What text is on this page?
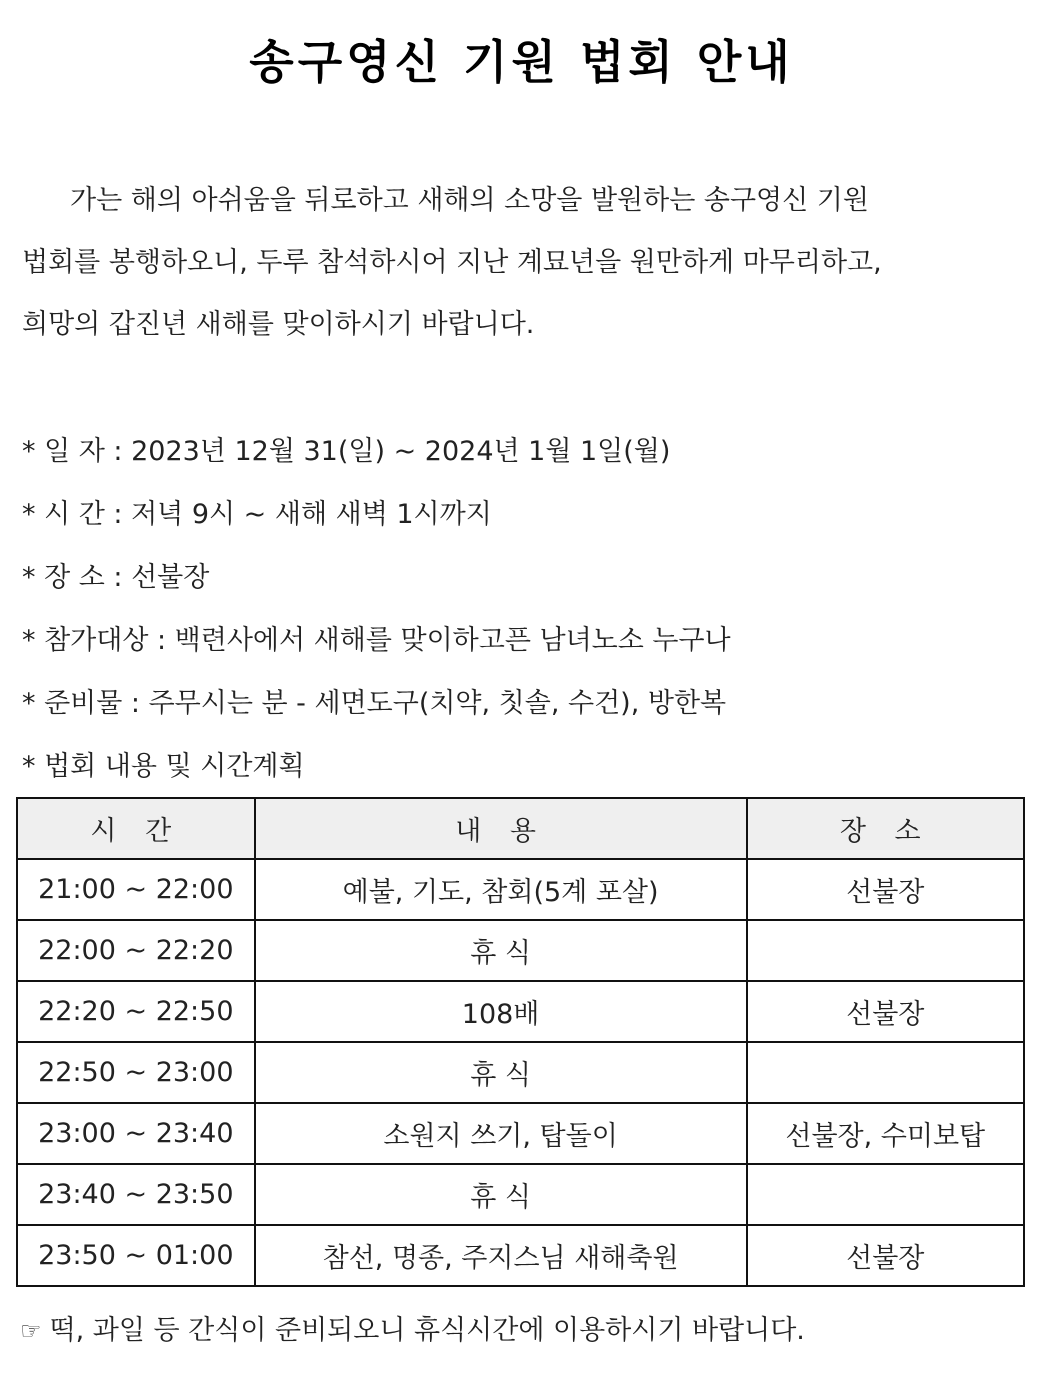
송구영신 기원 법회 안내
가는 해의 아쉬움을 뒤로하고 새해의 소망을 발원하는 송구영신 기원
법회를 봉행하오니, 두루 참석하시어 지난 계묘년을 원만하게 마무리하고,
희망의 갑진년 새해를 맞이하시기 바랍니다.
* 일 자 : 2023년 12월 31(일) ~ 2024년 1월 1일(월)
* 시 간 : 저녁 9시 ~ 새해 새벽 1시까지
* 장 소 : 선불장
* 참가대상 : 백련사에서 새해를 맞이하고픈 남녀노소 누구나
* 준비물 : 주무시는 분 - 세면도구(치약, 칫솔, 수건), 방한복
* 법회 내용 및 시간계획
시 간	내 용	장 소
21:00 ~ 22:00	예불, 기도, 참회(5계 포살)	선불장
22:00 ~ 22:20	휴 식	
22:20 ~ 22:50	108배	선불장
22:50 ~ 23:00	휴 식	
23:00 ~ 23:40	소원지 쓰기, 탑돌이	선불장, 수미보탑
23:40 ~ 23:50	휴 식	
23:50 ~ 01:00	참선, 명종, 주지스님 새해축원	선불장
☞ 떡, 과일 등 간식이 준비되오니 휴식시간에 이용하시기 바랍니다.
